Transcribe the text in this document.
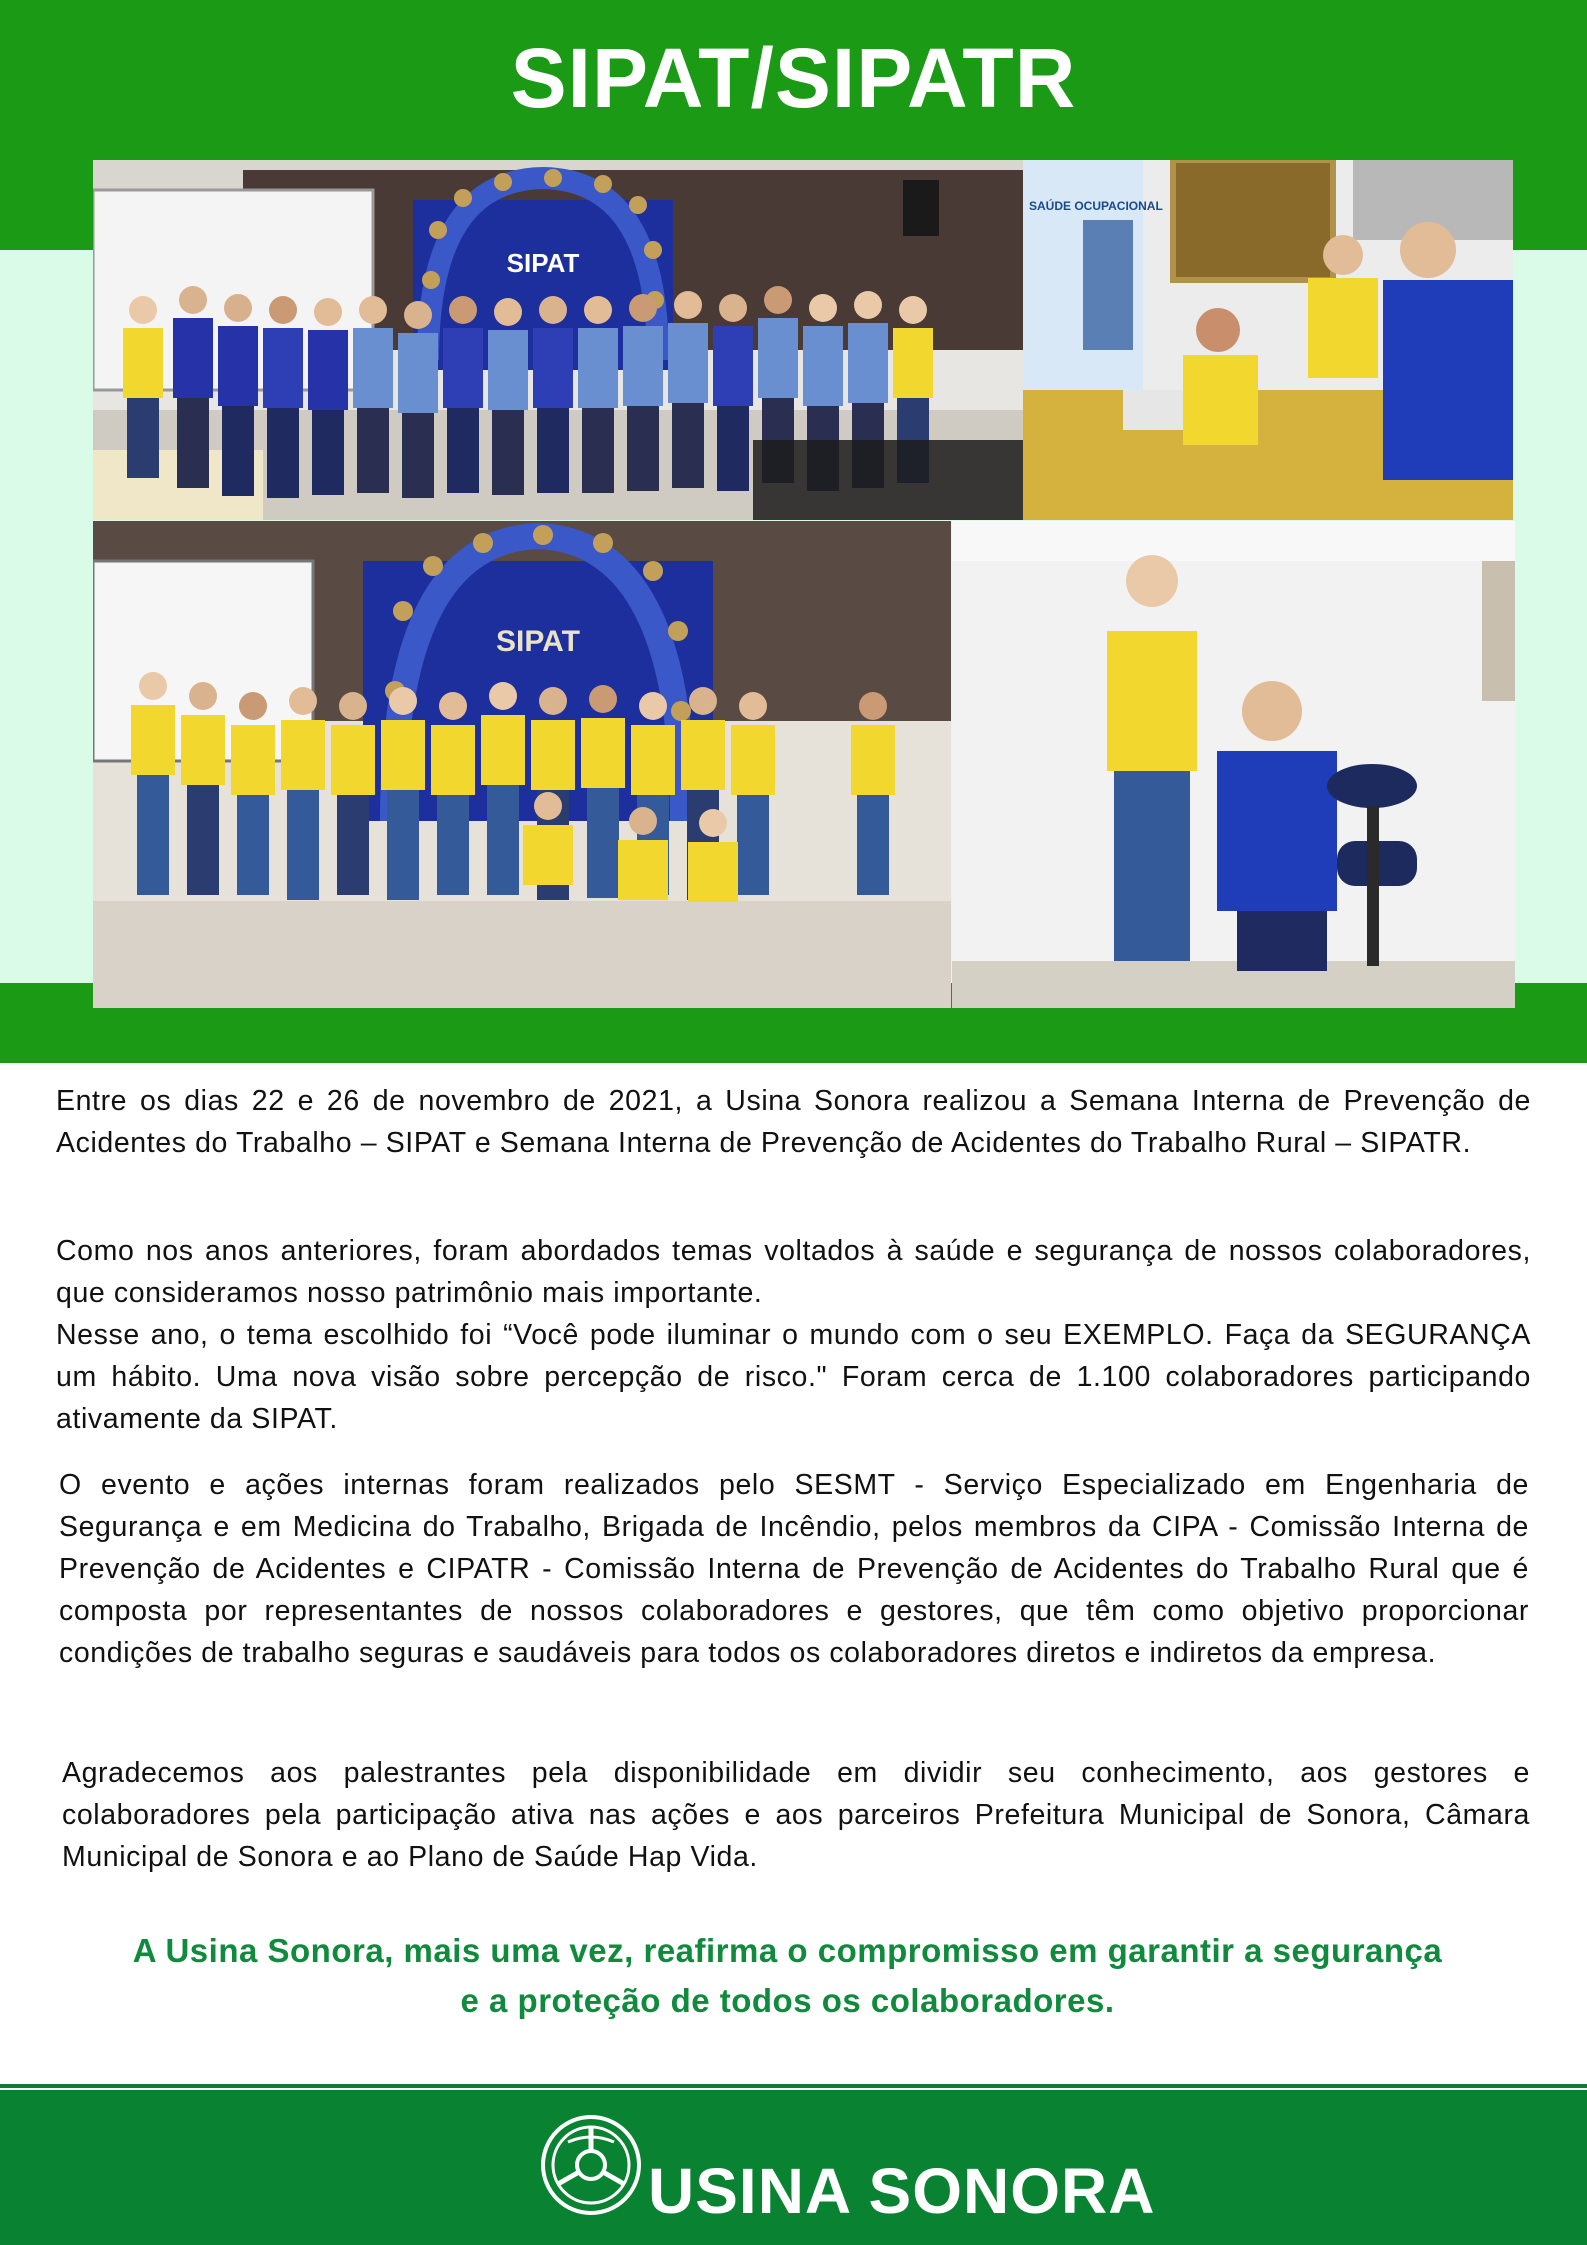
SIPAT/SIPATR
SIPAT
SAÚDE OCUPACIONAL
SIPAT

Entre os dias 22 e 26 de novembro de 2021, a Usina Sonora realizou a Semana Interna de Prevenção de Acidentes do Trabalho – SIPAT e Semana Interna de Prevenção de Acidentes do Trabalho Rural – SIPATR.

Como nos anos anteriores, foram abordados temas voltados à saúde e segurança de nossos colaboradores, que consideramos nosso patrimônio mais importante.

Nesse ano, o tema escolhido foi “Você pode iluminar o mundo com o seu EXEMPLO. Faça da SEGURANÇA um hábito. Uma nova visão sobre percepção de risco." Foram cerca de 1.100 colaboradores participando ativamente da SIPAT.

O evento e ações internas foram realizados pelo SESMT - Serviço Especializado em Engenharia de Segurança e em Medicina do Trabalho, Brigada de Incêndio, pelos membros da CIPA - Comissão Interna de Prevenção de Acidentes e CIPATR - Comissão Interna de Prevenção de Acidentes do Trabalho Rural que é composta por representantes de nossos colaboradores e gestores, que têm como objetivo proporcionar condições de trabalho seguras e saudáveis para todos os colaboradores diretos e indiretos da empresa.

Agradecemos aos palestrantes pela disponibilidade em dividir seu conhecimento, aos gestores e colaboradores pela participação ativa nas ações e aos parceiros Prefeitura Municipal de Sonora, Câmara Municipal de Sonora e ao Plano de Saúde Hap Vida.

A Usina Sonora, mais uma vez, reafirma o compromisso em garantir a segurança
e a proteção de todos os colaboradores.
USINA SONORA
